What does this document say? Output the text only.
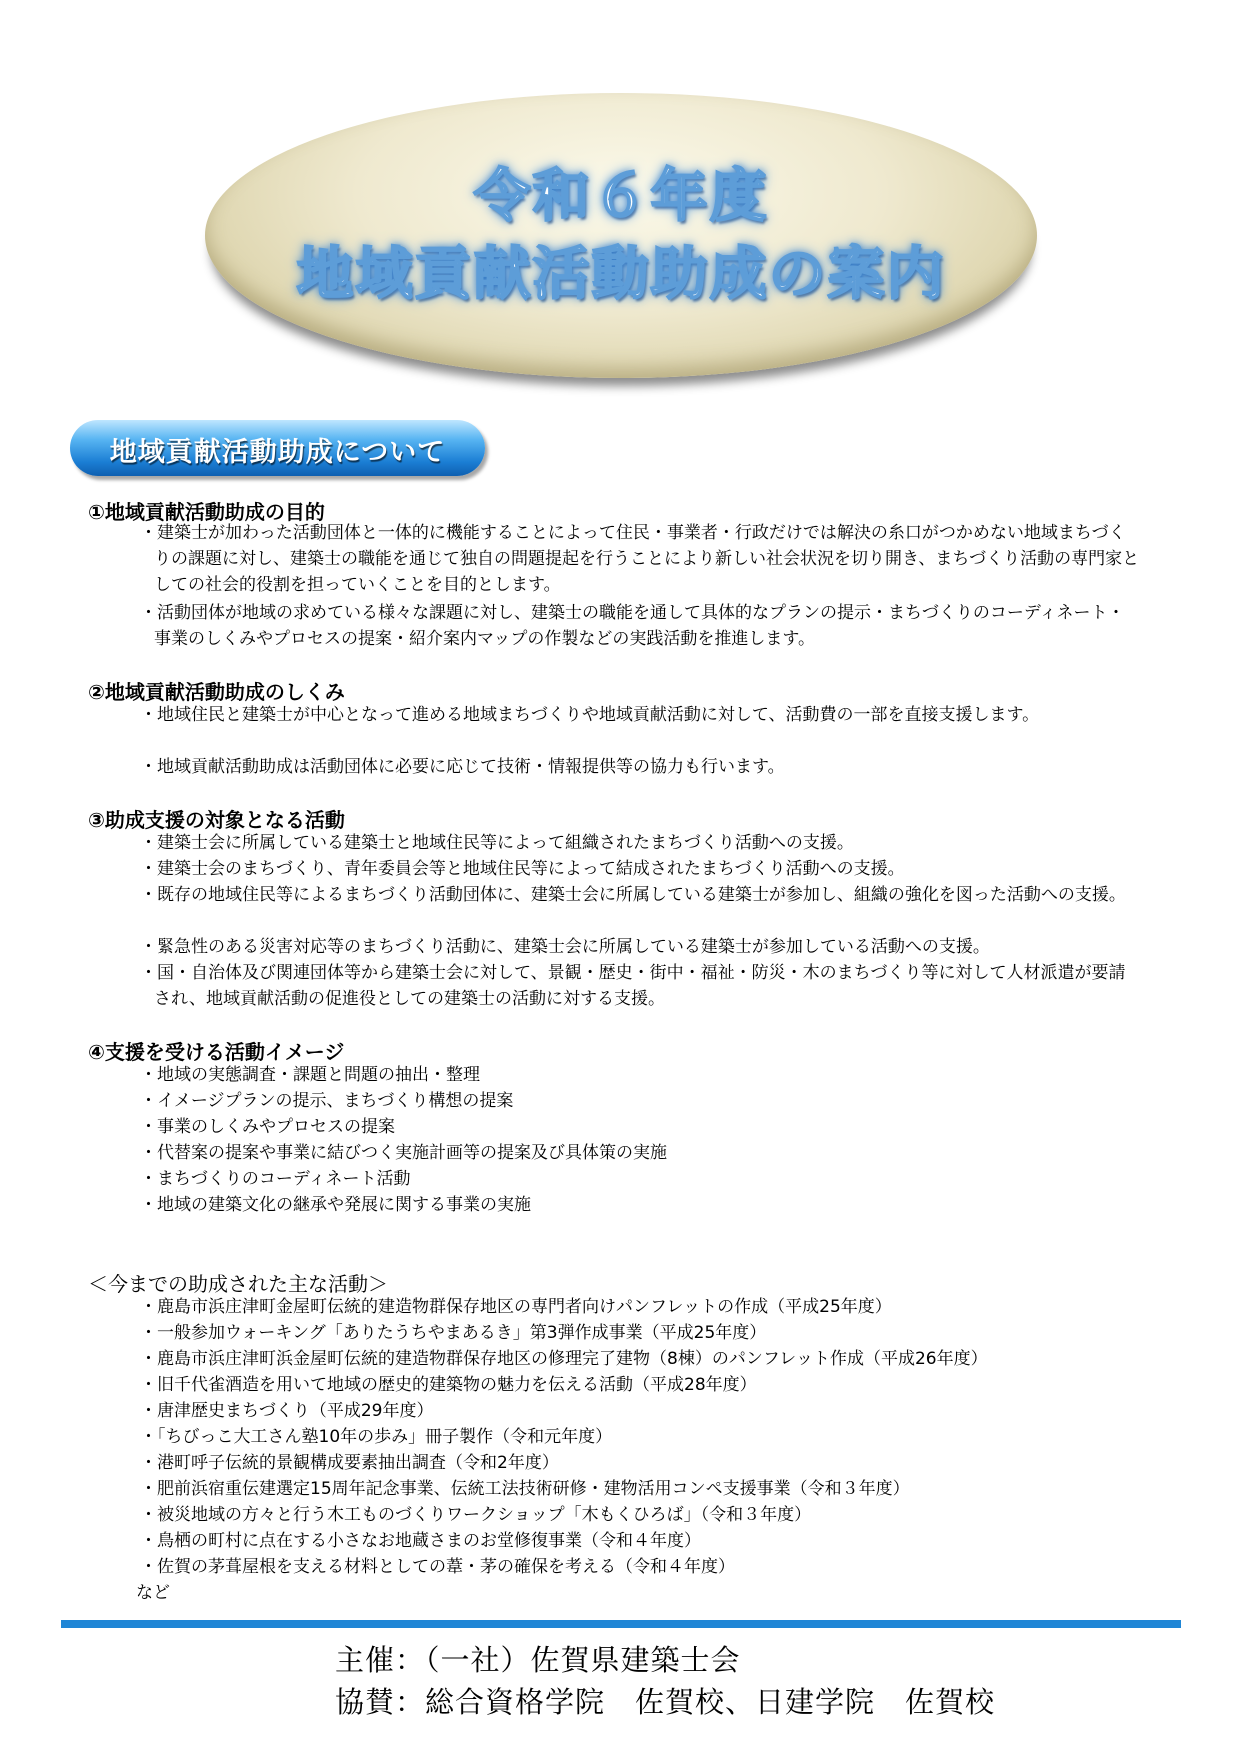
令和６年度
地域貢献活動助成の案内
地域貢献活動助成について
①地域貢献活動助成の目的
・建築士が加わった活動団体と一体的に機能することによって住民・事業者・行政だけでは解決の糸口がつかめない地域まちづくりの課題に対し、建築士の職能を通じて独自の問題提起を行うことにより新しい社会状況を切り開き、まちづくり活動の専門家としての社会的役割を担っていくことを目的とします。
・活動団体が地域の求めている様々な課題に対し、建築士の職能を通して具体的なプランの提示・まちづくりのコーディネート・事業のしくみやプロセスの提案・紹介案内マップの作製などの実践活動を推進します。
②地域貢献活動助成のしくみ
・地域住民と建築士が中心となって進める地域まちづくりや地域貢献活動に対して、活動費の一部を直接支援します。
・地域貢献活動助成は活動団体に必要に応じて技術・情報提供等の協力も行います。
③助成支援の対象となる活動
・建築士会に所属している建築士と地域住民等によって組織されたまちづくり活動への支援。
・建築士会のまちづくり、青年委員会等と地域住民等によって結成されたまちづくり活動への支援。
・既存の地域住民等によるまちづくり活動団体に、建築士会に所属している建築士が参加し、組織の強化を図った活動への支援。
・緊急性のある災害対応等のまちづくり活動に、建築士会に所属している建築士が参加している活動への支援。
・国・自治体及び関連団体等から建築士会に対して、景観・歴史・街中・福祉・防災・木のまちづくり等に対して人材派遣が要請され、地域貢献活動の促進役としての建築士の活動に対する支援。
④支援を受ける活動イメージ
・地域の実態調査・課題と問題の抽出・整理
・イメージプランの提示、まちづくり構想の提案
・事業のしくみやプロセスの提案
・代替案の提案や事業に結びつく実施計画等の提案及び具体策の実施
・まちづくりのコーディネート活動
・地域の建築文化の継承や発展に関する事業の実施
＜今までの助成された主な活動＞
・鹿島市浜庄津町金屋町伝統的建造物群保存地区の専門者向けパンフレットの作成（平成25年度）
・一般参加ウォーキング「ありたうちやまあるき」第3弾作成事業（平成25年度）
・鹿島市浜庄津町浜金屋町伝統的建造物群保存地区の修理完了建物（8棟）のパンフレット作成（平成26年度）
・旧千代雀酒造を用いて地域の歴史的建築物の魅力を伝える活動（平成28年度）
・唐津歴史まちづくり（平成29年度）
・「ちびっこ大工さん塾10年の歩み」冊子製作（令和元年度）
・港町呼子伝統的景観構成要素抽出調査（令和2年度）
・肥前浜宿重伝建選定15周年記念事業、伝統工法技術研修・建物活用コンペ支援事業（令和３年度）
・被災地域の方々と行う木工ものづくりワークショップ「木もくひろば」（令和３年度）
・鳥栖の町村に点在する小さなお地蔵さまのお堂修復事業（令和４年度）
・佐賀の茅葺屋根を支える材料としての葦・茅の確保を考える（令和４年度）
など
主催：（一社）佐賀県建築士会
協賛：総合資格学院　佐賀校、日建学院　佐賀校
